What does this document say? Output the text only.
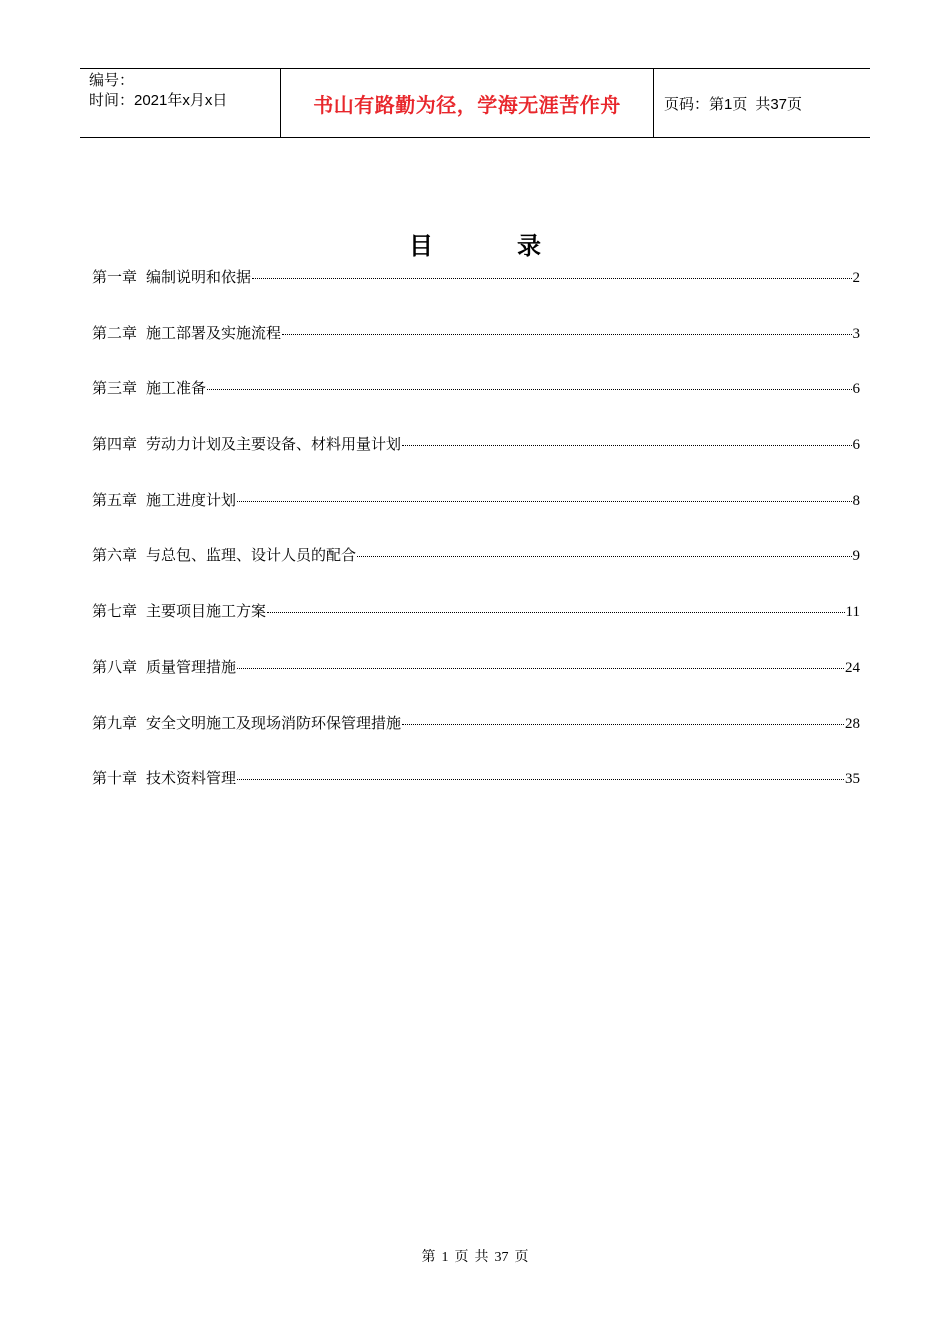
编号：
时间：2021年x月x日	书山有路勤为径，学海无涯苦作舟	页码：第1页 共37页
目	录
第一章 编制说明和依据	2
第二章 施工部署及实施流程	3
第三章 施工准备	6
第四章 劳动力计划及主要设备、材料用量计划	6
第五章 施工进度计划	8
第六章 与总包、监理、设计人员的配合	9
第七章 主要项目施工方案	11
第八章 质量管理措施	24
第九章 安全文明施工及现场消防环保管理措施	28
第十章 技术资料管理	35
第 1 页 共 37 页
